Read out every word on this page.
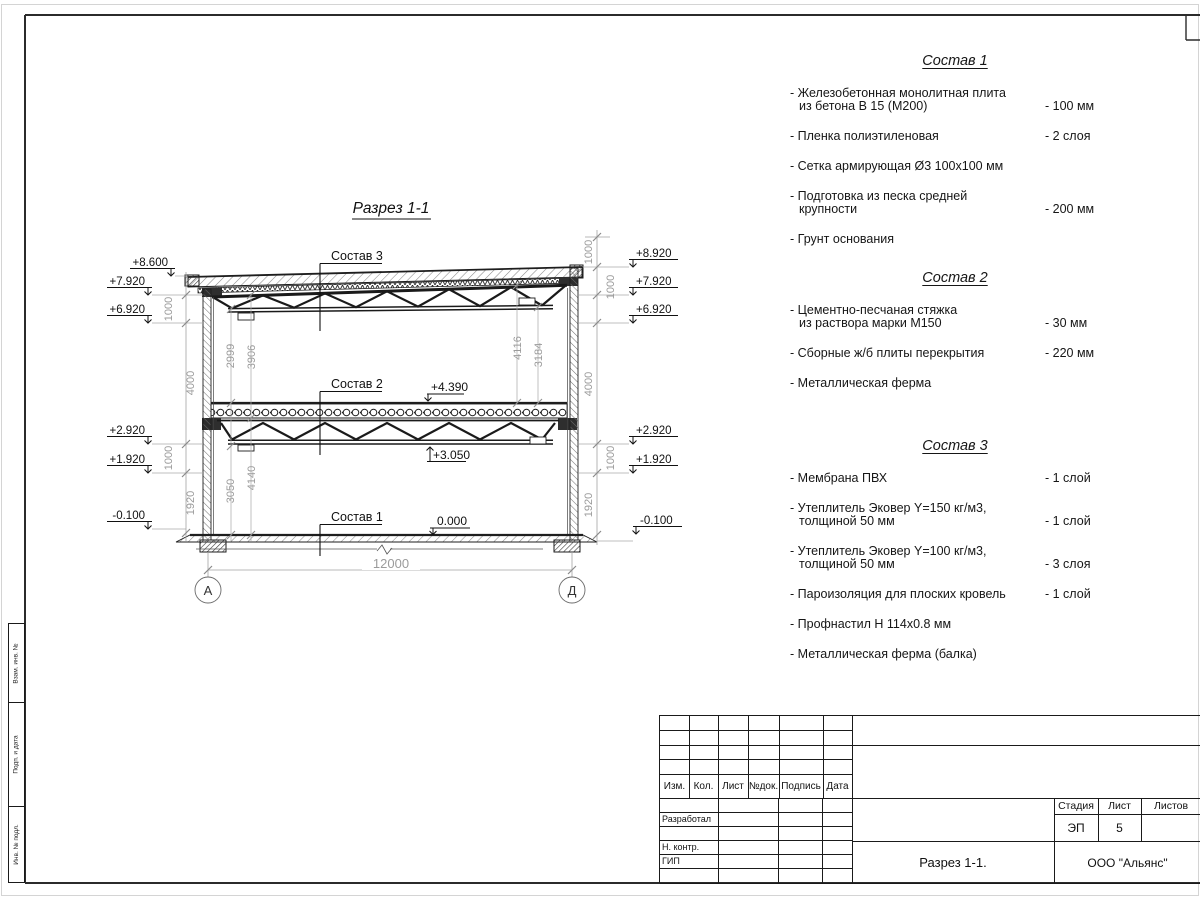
Разрез 1-1
Состав 3
Состав 2
Состав 1
+4.390
0.000
+3.050
+8.600
+7.920
+6.920
+2.920
+1.920
-0.100
+8.920
+7.920
+6.920
+2.920
+1.920
-0.100
1000
4000
1000
1920
1000
1000
4000
1000
1920
2999 3906
3050
4140
4116 3184
12000
А	Д
Состав 1
- Железобетонная монолитная плита
из бетона В 15 (М200)	- 100 мм
- Пленка полиэтиленовая	- 2 слоя
- Сетка армирующая Ø3 100х100 мм
- Подготовка из песка средней
крупности	- 200 мм
- Грунт основания
Состав 2
- Цементно-песчаная стяжка
из раствора марки М150	- 30 мм
- Сборные ж/б плиты перекрытия	- 220 мм
- Металлическая ферма
Состав 3
- Мембрана ПВХ	- 1 слой
- Утеплитель Эковер Y=150 кг/м3,
толщиной 50 мм	- 1 слой
- Утеплитель Эковер Y=100 кг/м3,
толщиной 50 мм	- 3 слоя
- Пароизоляция для плоских кровель	- 1 слой
- Профнастил Н 114х0.8 мм
- Металлическая ферма (балка)
Изм. Кол. Лист №док. Подпись Дата
Разработал
Н. контр.
ГИП
Стадия	Лист	Листов
ЭП	5
Разрез 1-1.	ООО "Альянс"
Взам. инв. №
Подп. и дата
Инв. № подл.
